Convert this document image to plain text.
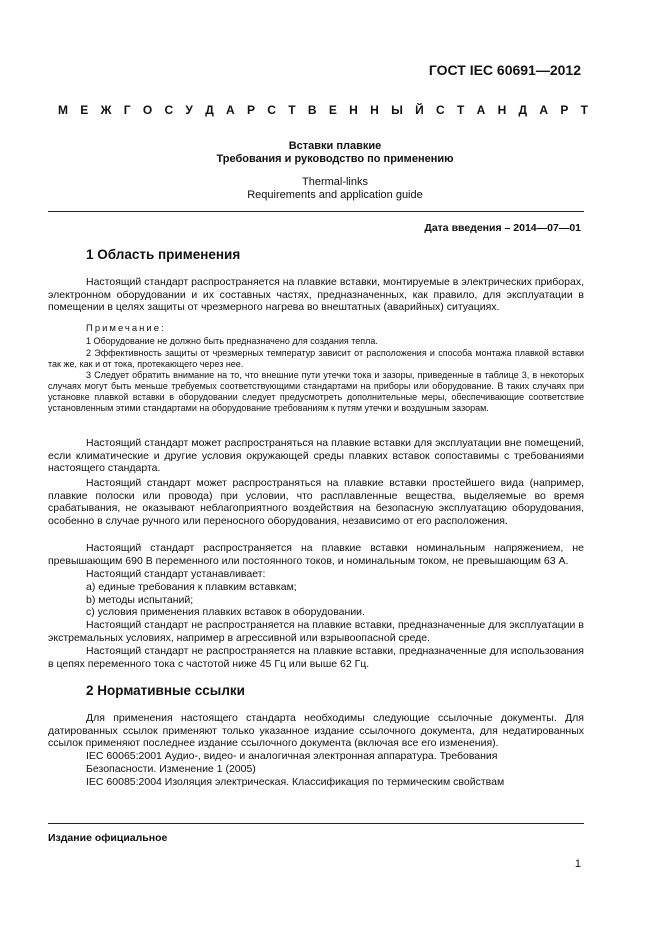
ГОСТ IEC 60691—2012
М Е Ж Г О С У Д А Р С Т В Е Н Н Ы Й С Т А Н Д А Р Т
Вставки плавкие
Требования и руководство по применению
Thermal-links
Requirements and application guide
Дата введения – 2014—07—01
1 Область применения
Настоящий стандарт распространяется на плавкие вставки, монтируемые в электрических приборах, электронном оборудовании и их составных частях, предназначенных, как правило, для эксплуатации в помещении в целях защиты от чрезмерного нагрева во внештатных (аварийных) ситуациях.
Примечание:
1 Оборудование не должно быть предназначено для создания тепла.
2 Эффективность защиты от чрезмерных температур зависит от расположения и способа монтажа плавкой вставки так же, как и от тока, протекающего через нее.
3 Следует обратить внимание на то, что внешние пути утечки тока и зазоры, приведенные в таблице 3, в некоторых случаях могут быть меньше требуемых соответствующими стандартами на приборы или оборудование. В таких случаях при установке плавкой вставки в оборудовании следует предусмотреть дополнительные меры, обеспечивающие соответствие установленным этими стандартами на оборудование требованиям к путям утечки и воздушным зазорам.
Настоящий стандарт может распространяться на плавкие вставки для эксплуатации вне помещений, если климатические и другие условия окружающей среды плавких вставок сопоставимы с требованиями настоящего стандарта.
Настоящий стандарт может распространяться на плавкие вставки простейшего вида (например, плавкие полоски или провода) при условии, что расплавленные вещества, выделяемые во время срабатывания, не оказывают неблагоприятного воздействия на безопасную эксплуатацию оборудования, особенно в случае ручного или переносного оборудования, независимо от его расположения.
Настоящий стандарт распространяется на плавкие вставки номинальным напряжением, не превышающим 690 В переменного или постоянного токов, и номинальным током, не превышающим 63 А.
Настоящий стандарт устанавливает:
a) единые требования к плавким вставкам;
b) методы испытаний;
c) условия применения плавких вставок в оборудовании.
Настоящий стандарт не распространяется на плавкие вставки, предназначенные для эксплуатации в экстремальных условиях, например в агрессивной или взрывоопасной среде.
Настоящий стандарт не распространяется на плавкие вставки, предназначенные для использования в цепях переменного тока с частотой ниже 45 Гц или выше 62 Гц.
2 Нормативные ссылки
Для применения настоящего стандарта необходимы следующие ссылочные документы. Для датированных ссылок применяют только указанное издание ссылочного документа, для недатированных ссылок применяют последнее издание ссылочного документа (включая все его изменения).
IEC 60065:2001 Аудио-, видео- и аналогичная электронная аппаратура. Требования
Безопасности. Изменение 1 (2005)
IEC 60085:2004 Изоляция электрическая. Классификация по термическим свойствам
Издание официальное
1
